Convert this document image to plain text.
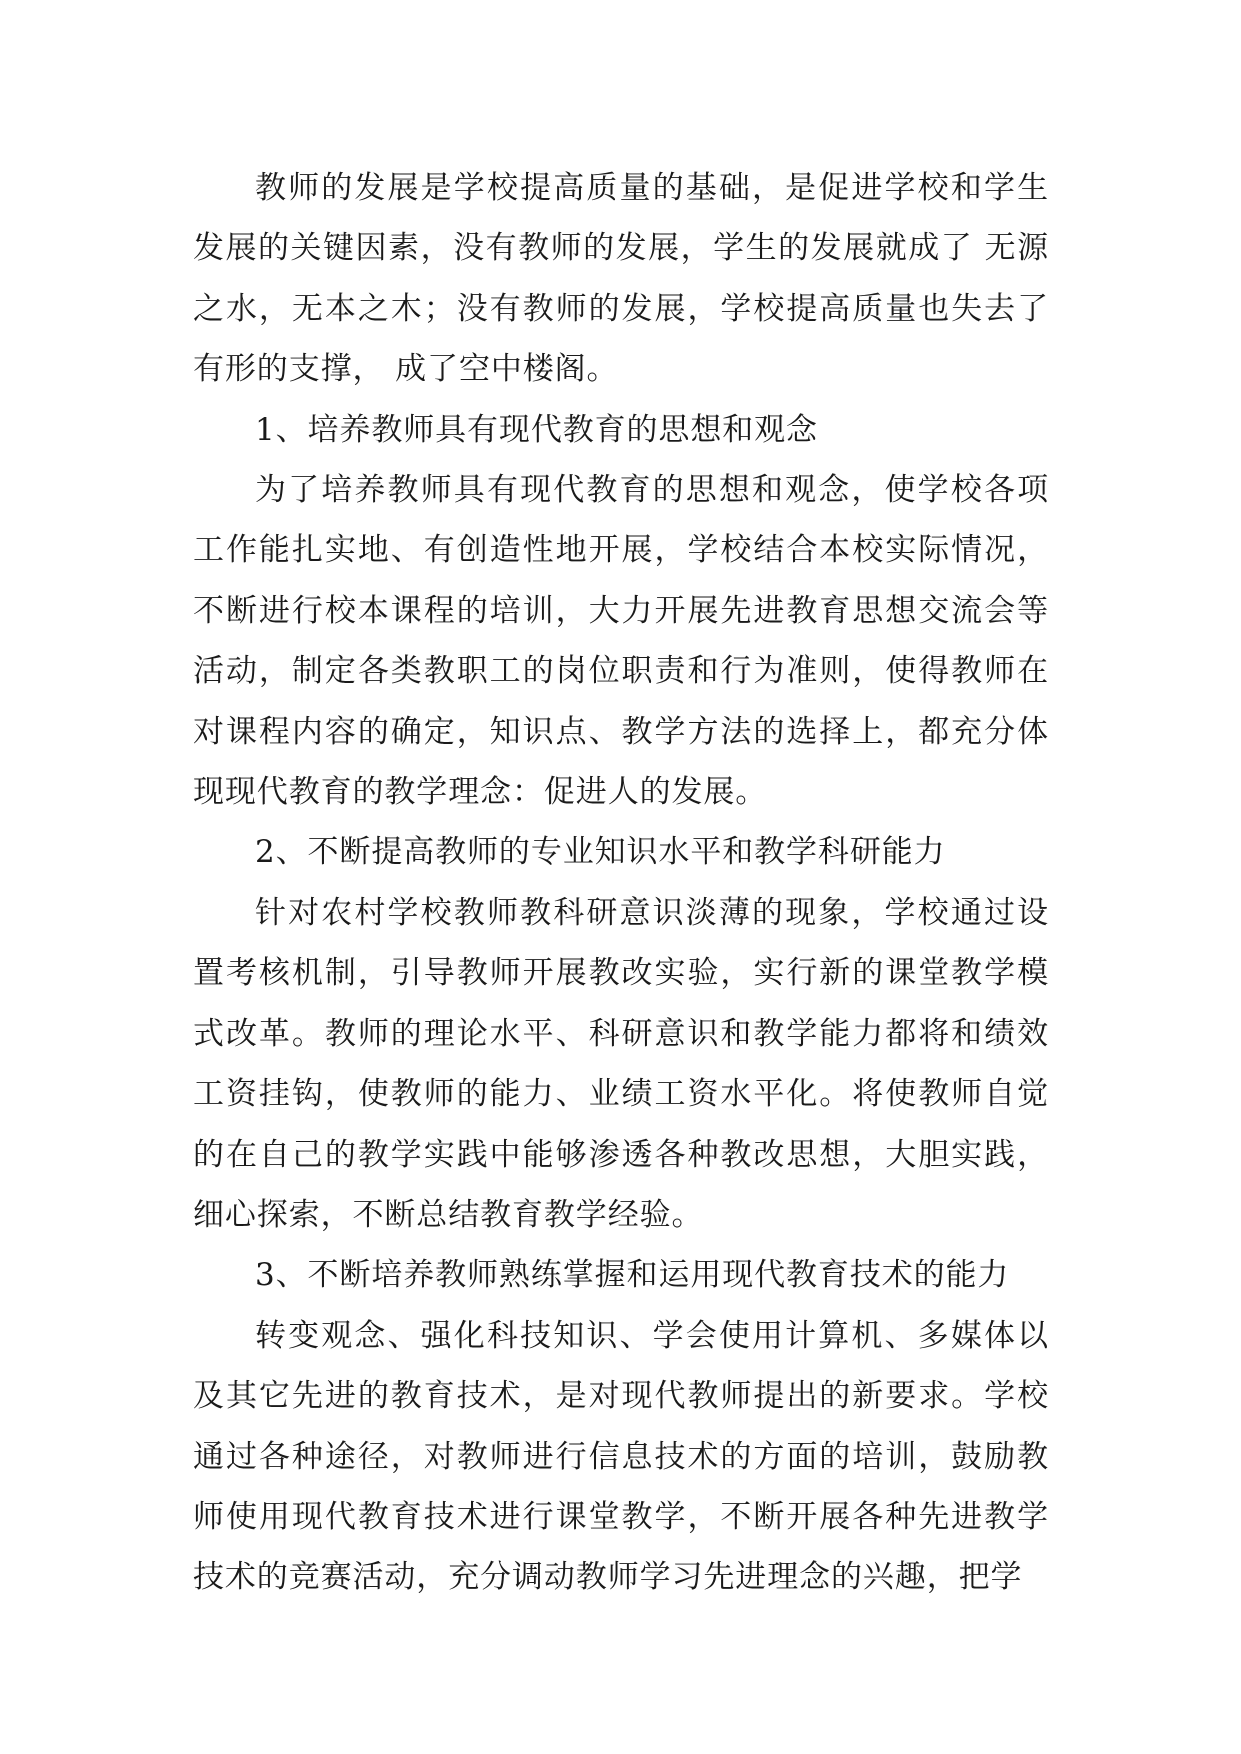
教师的发展是学校提高质量的基础，是促进学校和学生发展的关键因素，没有教师的发展，学生的发展就成了 无源之水，无本之木；没有教师的发展，学校提高质量也失去了有形的支撑， 成了空中楼阁。

1、培养教师具有现代教育的思想和观念

为了培养教师具有现代教育的思想和观念，使学校各项工作能扎实地、有创造性地开展，学校结合本校实际情况，不断进行校本课程的培训，大力开展先进教育思想交流会等活动，制定各类教职工的岗位职责和行为准则，使得教师在对课程内容的确定，知识点、教学方法的选择上，都充分体现现代教育的教学理念：促进人的发展。

2、不断提高教师的专业知识水平和教学科研能力

针对农村学校教师教科研意识淡薄的现象，学校通过设置考核机制，引导教师开展教改实验，实行新的课堂教学模式改革。教师的理论水平、科研意识和教学能力都将和绩效工资挂钩，使教师的能力、业绩工资水平化。将使教师自觉的在自己的教学实践中能够渗透各种教改思想，大胆实践，细心探索，不断总结教育教学经验。

3、不断培养教师熟练掌握和运用现代教育技术的能力

转变观念、强化科技知识、学会使用计算机、多媒体以及其它先进的教育技术，是对现代教师提出的新要求。学校通过各种途径，对教师进行信息技术的方面的培训，鼓励教师使用现代教育技术进行课堂教学，不断开展各种先进教学技术的竞赛活动，充分调动教师学习先进理念的兴趣，把学
